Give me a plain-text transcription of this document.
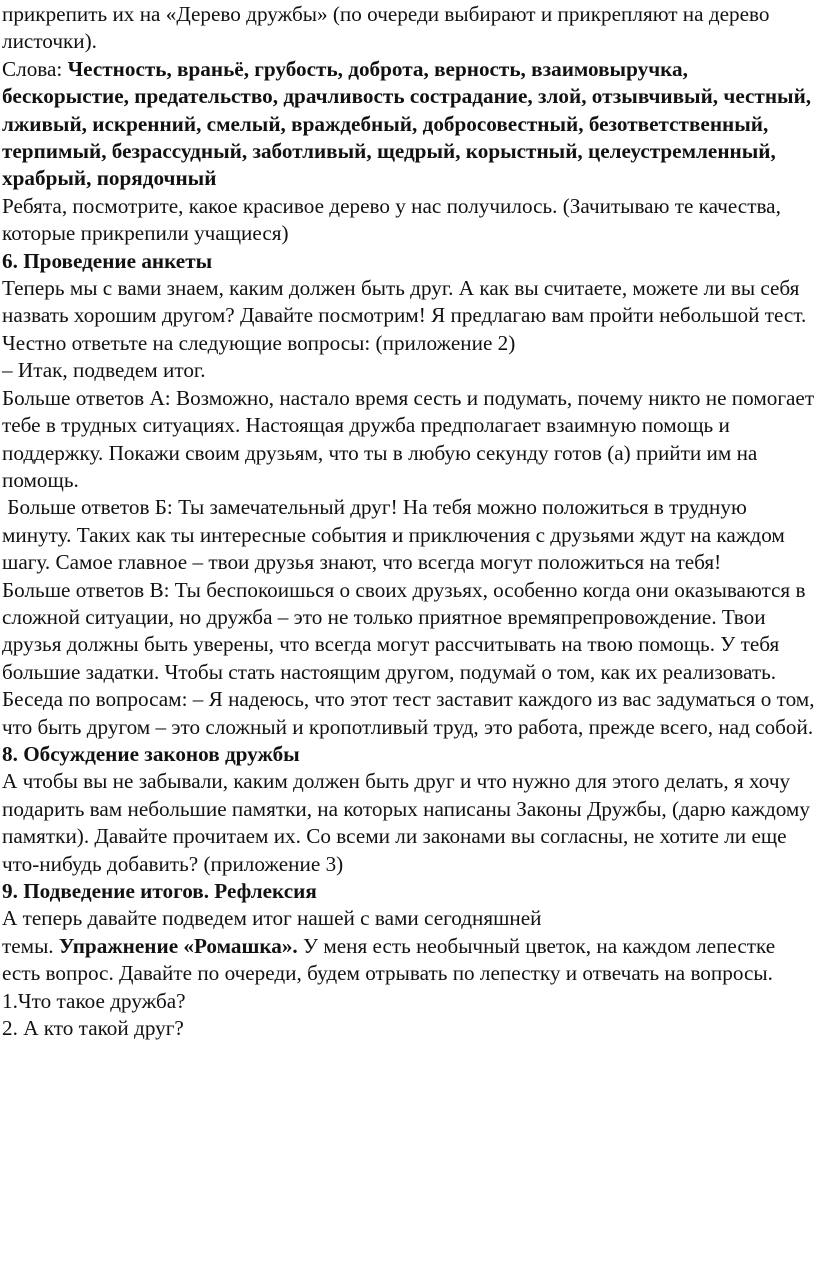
прикрепить их на «Дерево дружбы» (по очереди выбирают и прикрепляют на дерево листочки).

Слова: Честность, враньё, грубость, доброта, верность, взаимовыручка, бескорыстие, предательство, драчливость сострадание, злой, отзывчивый, честный, лживый, искренний, смелый, враждебный, добросовестный, безответственный, терпимый, безрассудный, заботливый, щедрый, корыстный, целеустремленный, храбрый, порядочный

Ребята, посмотрите, какое красивое дерево у нас получилось. (Зачитываю те качества, которые прикрепили учащиеся)

6. Проведение анкеты

Теперь мы с вами знаем, каким должен быть друг. А как вы считаете, можете ли вы себя назвать хорошим другом? Давайте посмотрим! Я предлагаю вам пройти небольшой тест. Честно ответьте на следующие вопросы: (приложение 2)

– Итак, подведем итог.

Больше ответов А: Возможно, настало время сесть и подумать, почему никто не помогает тебе в трудных ситуациях. Настоящая дружба предполагает взаимную помощь и поддержку. Покажи своим друзьям, что ты в любую секунду готов (а) прийти им на помощь.

Больше ответов Б: Ты замечательный друг! На тебя можно положиться в трудную минуту. Таких как ты интересные события и приключения с друзьями ждут на каждом шагу. Самое главное – твои друзья знают, что всегда могут положиться на тебя!

Больше ответов В: Ты беспокоишься о своих друзьях, особенно когда они оказываются в сложной ситуации, но дружба – это не только приятное времяпрепровождение. Твои друзья должны быть уверены, что всегда могут рассчитывать на твою помощь. У тебя большие задатки. Чтобы стать настоящим другом, подумай о том, как их реализовать.

Беседа по вопросам: – Я надеюсь, что этот тест заставит каждого из вас задуматься о том, что быть другом – это сложный и кропотливый труд, это работа, прежде всего, над собой.

8. Обсуждение законов дружбы

А чтобы вы не забывали, каким должен быть друг и что нужно для этого делать, я хочу подарить вам небольшие памятки, на которых написаны Законы Дружбы, (дарю каждому памятки). Давайте прочитаем их. Со всеми ли законами вы согласны, не хотите ли еще что-нибудь добавить? (приложение 3)

9. Подведение итогов. Рефлексия

А теперь давайте подведем итог нашей с вами сегодняшней

темы. Упражнение «Ромашка». У меня есть необычный цветок, на каждом лепестке есть вопрос. Давайте по очереди, будем отрывать по лепестку и отвечать на вопросы.

1.Что такое дружба?

2. А кто такой друг?
